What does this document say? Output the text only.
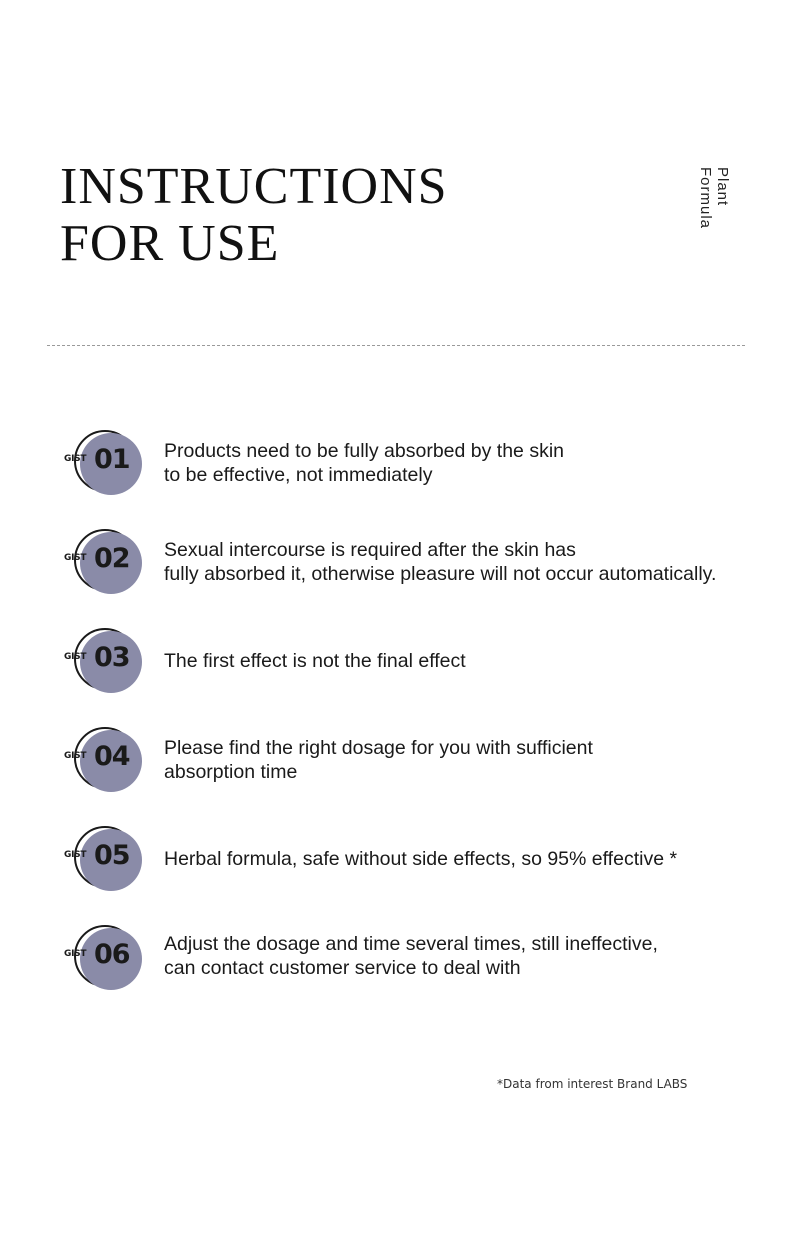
INSTRUCTIONS
FOR USE
Plant
Formula
GIST 01 Products need to be fully absorbed by the skin
to be effective, not immediately
GIST 02 Sexual intercourse is required after the skin has
fully absorbed it, otherwise pleasure will not occur automatically.
GIST 03 The first effect is not the final effect
GIST 04 Please find the right dosage for you with sufficient
absorption time
GIST 05 Herbal formula, safe without side effects, so 95% effective *
GIST 06 Adjust the dosage and time several times, still ineffective,
can contact customer service to deal with
*Data from interest Brand LABS
